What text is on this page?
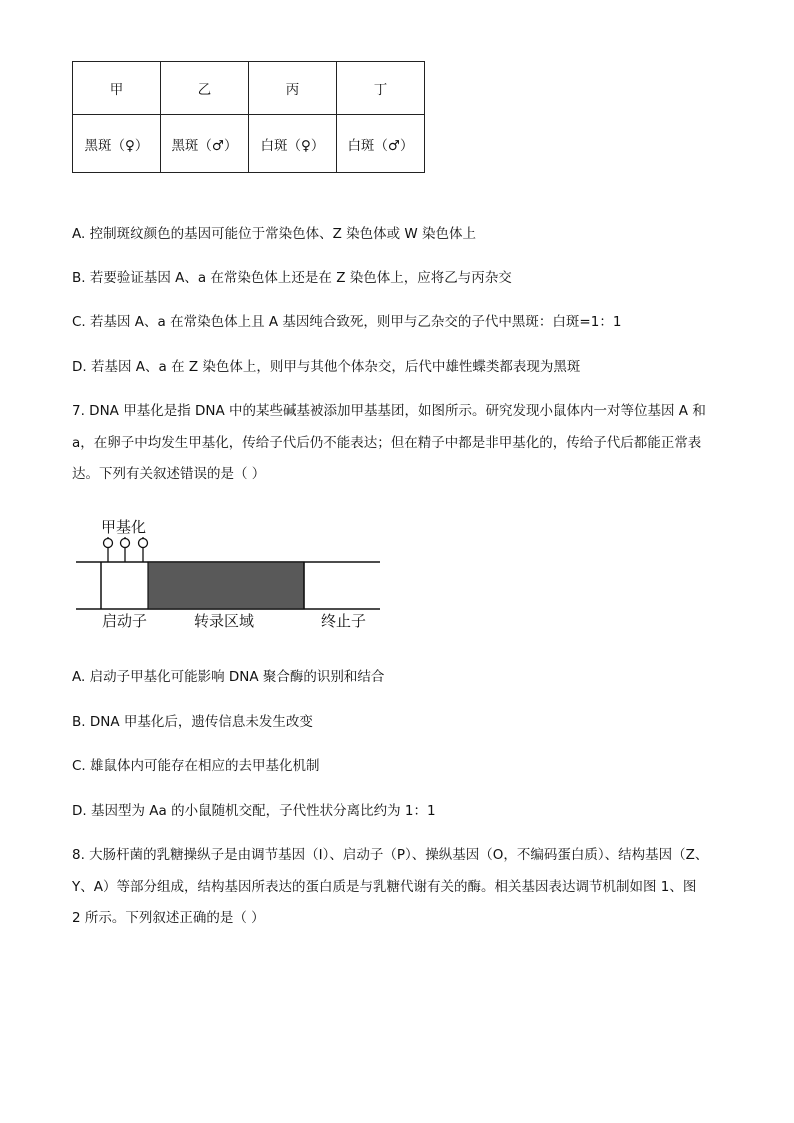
甲	乙	丙	丁
黑斑（♀）	黑斑（♂）	白斑（♀）	白斑（♂）
A. 控制斑纹颜色的基因可能位于常染色体、Z 染色体或 W 染色体上
B. 若要验证基因 A、a 在常染色体上还是在 Z 染色体上，应将乙与丙杂交
C. 若基因 A、a 在常染色体上且 A 基因纯合致死，则甲与乙杂交的子代中黑斑：白斑=1：1
D. 若基因 A、a 在 Z 染色体上，则甲与其他个体杂交，后代中雄性蝶类都表现为黑斑
7. DNA 甲基化是指 DNA 中的某些碱基被添加甲基基团，如图所示。研究发现小鼠体内一对等位基因 A 和
a，在卵子中均发生甲基化，传给子代后仍不能表达；但在精子中都是非甲基化的，传给子代后都能正常表
达。下列有关叙述错误的是（ ）
甲基化
启动子	转录区域	终止子
A. 启动子甲基化可能影响 DNA 聚合酶的识别和结合
B. DNA 甲基化后，遗传信息未发生改变
C. 雄鼠体内可能存在相应的去甲基化机制
D. 基因型为 Aa 的小鼠随机交配，子代性状分离比约为 1：1
8. 大肠杆菌的乳糖操纵子是由调节基因（I）、启动子（P）、操纵基因（O，不编码蛋白质）、结构基因（Z、
Y、A）等部分组成，结构基因所表达的蛋白质是与乳糖代谢有关的酶。相关基因表达调节机制如图 1、图
2 所示。下列叙述正确的是（ ）
